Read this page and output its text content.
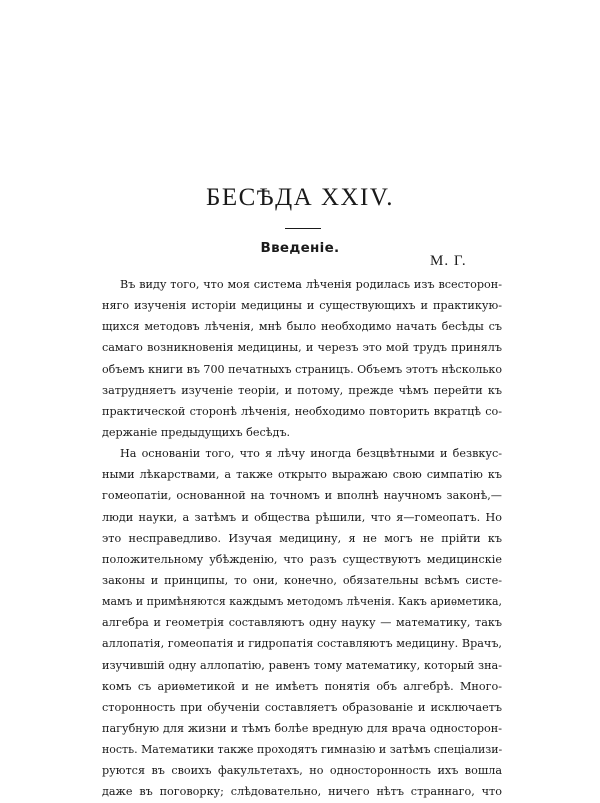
БЕСѢДА XXIV.
Введеніе.
М. Г.
Въ виду того, что моя система лѣченія родилась изъ всесторон-
няго изученія исторіи медицины и существующихъ и практикую-
щихся методовъ лѣченія, мнѣ было необходимо начать бесѣды съ
самаго возникновенія медицины, и черезъ это мой трудъ принялъ
объемъ книги въ 700 печатныхъ страницъ. Объемъ этотъ нѣсколько
затрудняетъ изученіе теоріи, и потому, прежде чѣмъ перейти къ
практической сторонѣ лѣченія, необходимо повторить вкратцѣ со-
держаніе предыдущихъ бесѣдъ.
На основаніи того, что я лѣчу иногда безцвѣтными и безвкус-
ными лѣкарствами, а также открыто выражаю свою симпатію къ
гомеопатіи, основанной на точномъ и вполнѣ научномъ законѣ,—
люди науки, а затѣмъ и общества рѣшили, что я—гомеопатъ. Но
это несправедливо. Изучая медицину, я не могъ не прійти къ
положительному убѣжденію, что разъ существуютъ медицинскіе
законы и принципы, то они, конечно, обязательны всѣмъ систе-
мамъ и примѣняются каждымъ методомъ лѣченія. Какъ ариѳметика,
алгебра и геометрія составляютъ одну науку — математику, такъ
аллопатія, гомеопатія и гидропатія составляютъ медицину. Врачъ,
изучившій одну аллопатію, равенъ тому математику, который зна-
комъ съ ариѳметикой и не имѣетъ понятія объ алгебрѣ. Много-
сторонность при обученіи составляетъ образованіе и исключаетъ
пагубную для жизни и тѣмъ болѣе вредную для врача односторон-
ность. Математики также проходятъ гимназію и затѣмъ спеціализи-
руются въ своихъ факультетахъ, но односторонность ихъ вошла
даже въ поговорку; слѣдовательно, ничего нѣтъ страннаго, что
